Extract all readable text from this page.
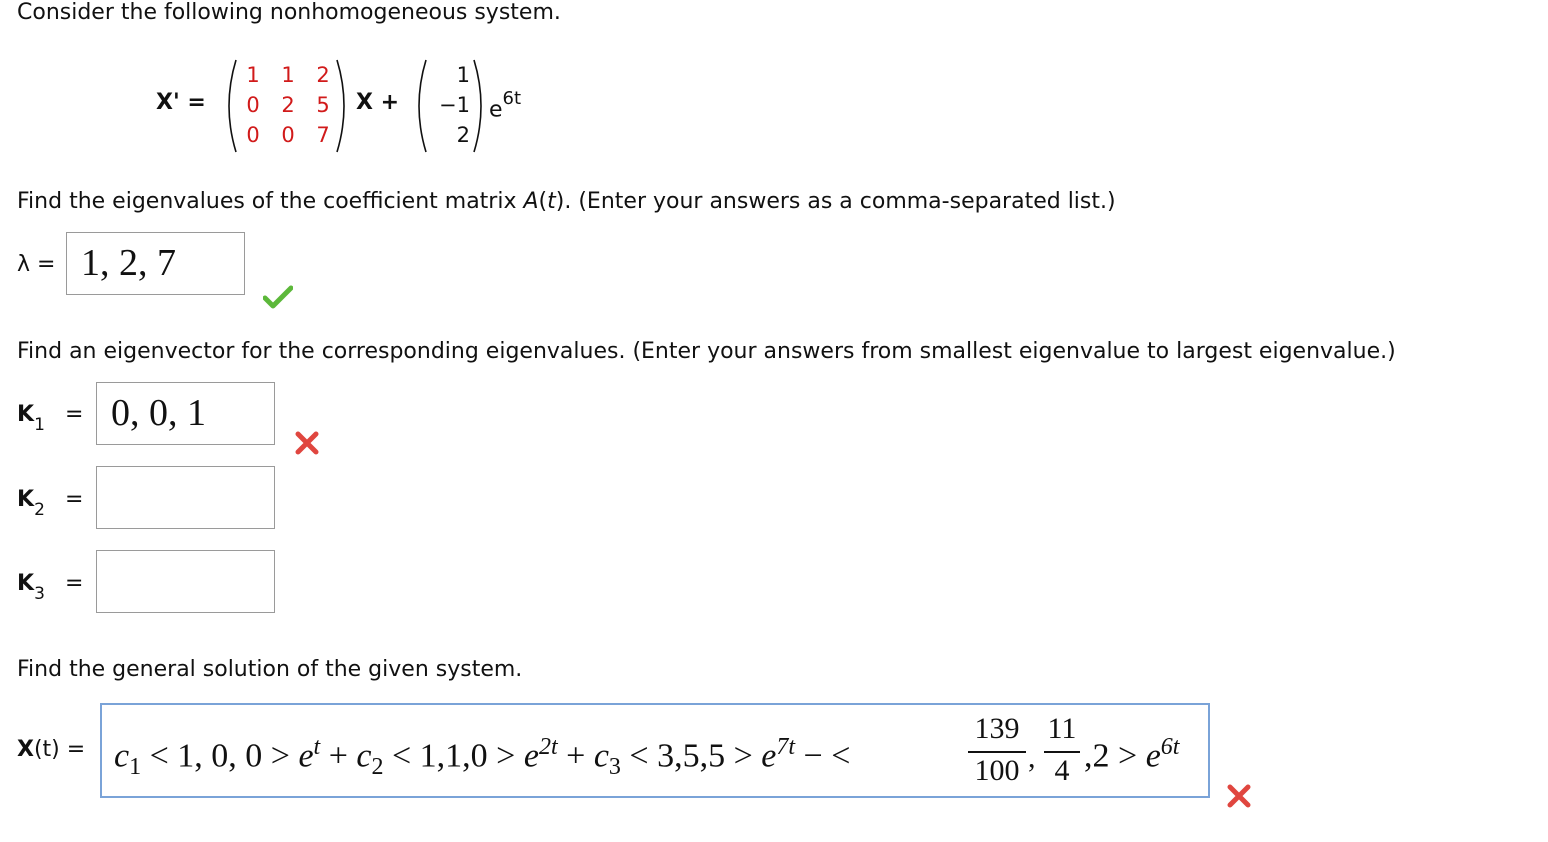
Consider the following nonhomogeneous system.
X' =
1
0
0
1
2
0
2
5
7
X +
1
−1
2
$e^{6t}$
Find the eigenvalues of the coefficient matrix A(t). (Enter your answers as a comma-separated list.)
λ = 1, 2, 7
Find an eigenvector for the corresponding eigenvalues. (Enter your answers from smallest eigenvalue to largest eigenvalue.)
$K_1 = 0$, 0, 1
$K_2$ =
$K_3$ =
Find the general solution of the given system.
$X(t) = c_1 < 1$, 0, $0 > e^t + c_2 < 1,1,0 > e^{2t} + c_3 < 3,5,5 > e^{7t}$ − <
139
100 ,
11
4 $,2 > e^{6t}$
